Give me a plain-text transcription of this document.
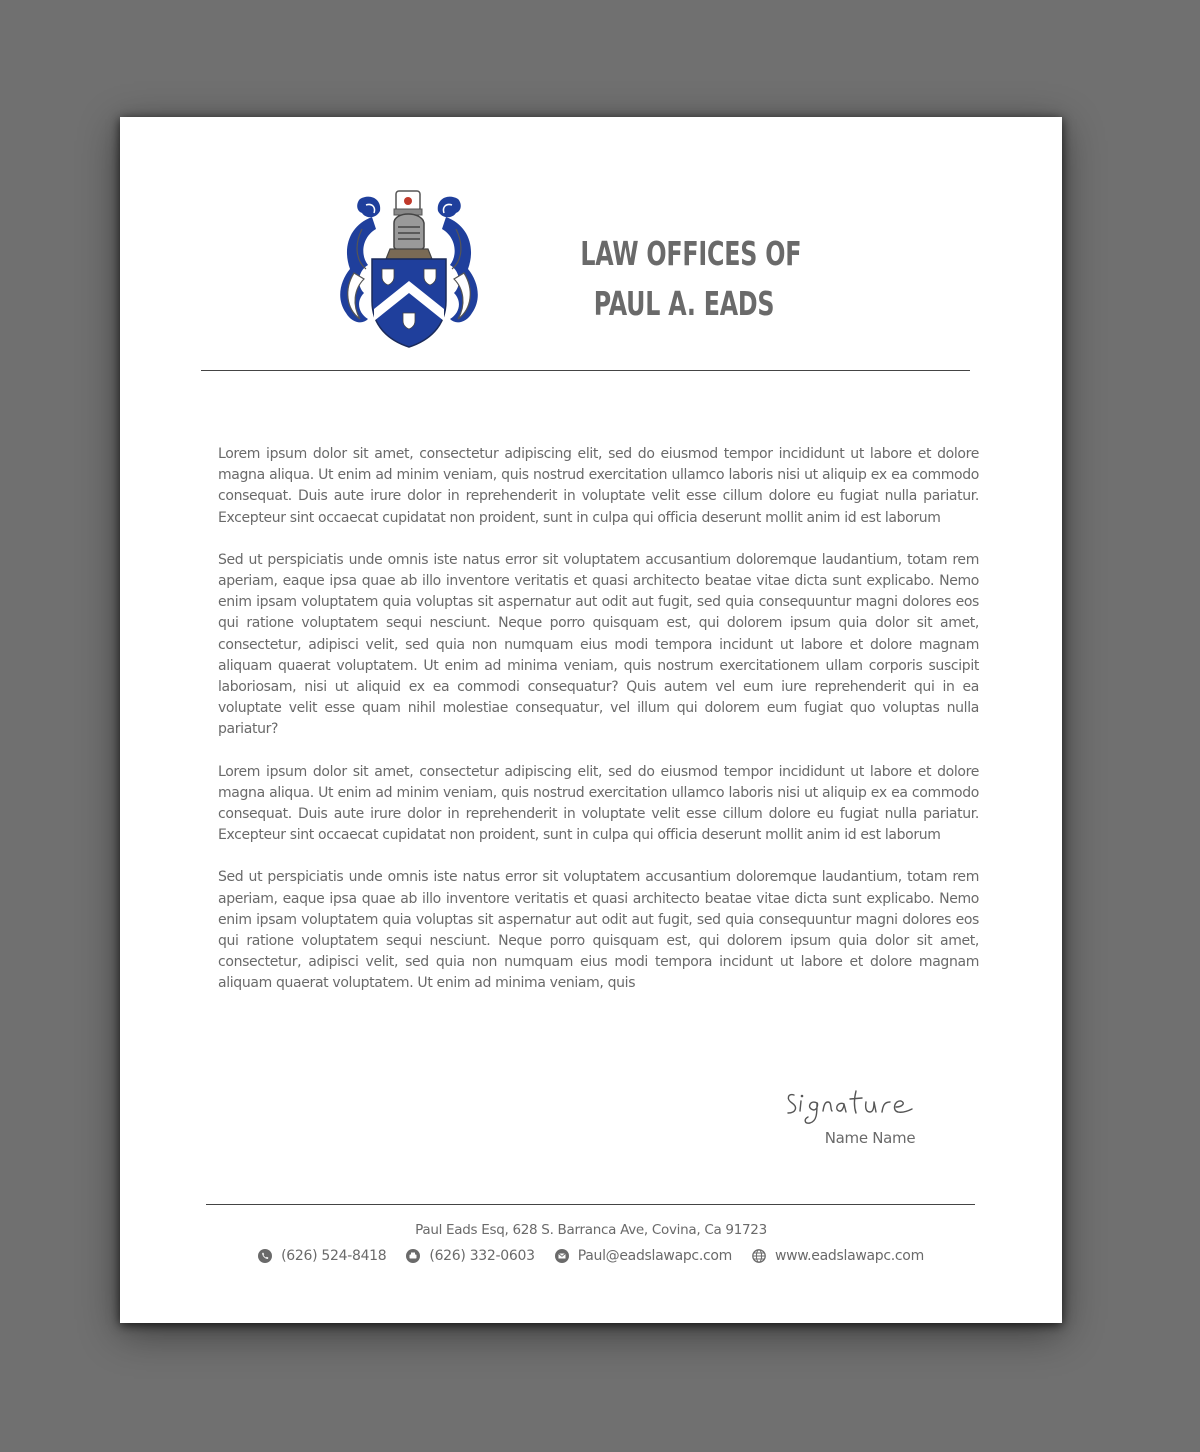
LAW OFFICES OF
PAUL A. EADS

Lorem ipsum dolor sit amet, consectetur adipiscing elit, sed do eiusmod tempor incididunt ut labore et dolore magna aliqua. Ut enim ad minim veniam, quis nostrud exercitation ullamco laboris nisi ut aliquip ex ea commodo consequat. Duis aute irure dolor in reprehenderit in voluptate velit esse cillum dolore eu fugiat nulla pariatur. Excepteur sint occaecat cupidatat non proident, sunt in culpa qui officia deserunt mollit anim id est laborum

Sed ut perspiciatis unde omnis iste natus error sit voluptatem accusantium doloremque laudantium, totam rem aperiam, eaque ipsa quae ab illo inventore veritatis et quasi architecto beatae vitae dicta sunt explicabo. Nemo enim ipsam voluptatem quia voluptas sit aspernatur aut odit aut fugit, sed quia consequuntur magni dolores eos qui ratione voluptatem sequi nesciunt. Neque porro quisquam est, qui dolorem ipsum quia dolor sit amet, consectetur, adipisci velit, sed quia non numquam eius modi tempora incidunt ut labore et dolore magnam aliquam quaerat voluptatem. Ut enim ad minima veniam, quis nostrum exercitationem ullam corporis suscipit laboriosam, nisi ut aliquid ex ea commodi consequatur? Quis autem vel eum iure reprehenderit qui in ea voluptate velit esse quam nihil molestiae consequatur, vel illum qui dolorem eum fugiat quo voluptas nulla pariatur?

Lorem ipsum dolor sit amet, consectetur adipiscing elit, sed do eiusmod tempor incididunt ut labore et dolore magna aliqua. Ut enim ad minim veniam, quis nostrud exercitation ullamco laboris nisi ut aliquip ex ea commodo consequat. Duis aute irure dolor in reprehenderit in voluptate velit esse cillum dolore eu fugiat nulla pariatur. Excepteur sint occaecat cupidatat non proident, sunt in culpa qui officia deserunt mollit anim id est laborum

Sed ut perspiciatis unde omnis iste natus error sit voluptatem accusantium doloremque laudantium, totam rem aperiam, eaque ipsa quae ab illo inventore veritatis et quasi architecto beatae vitae dicta sunt explicabo. Nemo enim ipsam voluptatem quia voluptas sit aspernatur aut odit aut fugit, sed quia consequuntur magni dolores eos qui ratione voluptatem sequi nesciunt. Neque porro quisquam est, qui dolorem ipsum quia dolor sit amet, consectetur, adipisci velit, sed quia non numquam eius modi tempora incidunt ut labore et dolore magnam aliquam quaerat voluptatem. Ut enim ad minima veniam, quis

Name Name
Paul Eads Esq, 628 S. Barranca Ave, Covina, Ca 91723
(626) 524-8418	(626) 332-0603	Paul@eadslawapc.com	www.eadslawapc.com
